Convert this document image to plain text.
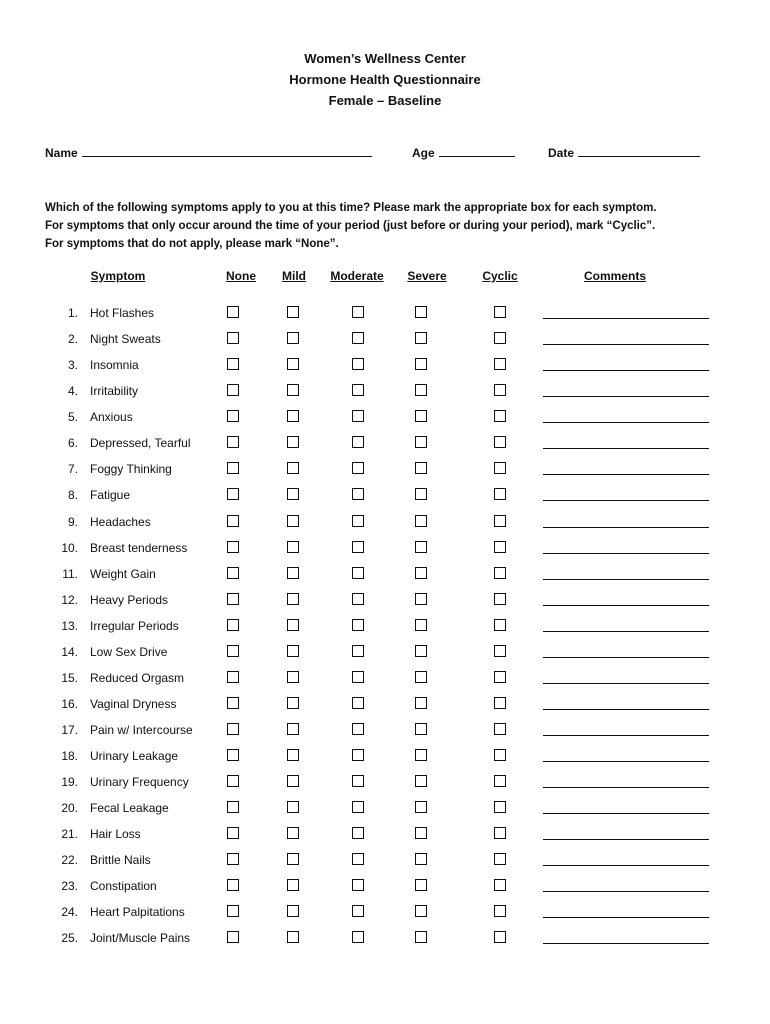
Women’s Wellness Center
Hormone Health Questionnaire
Female – Baseline
Name	Age	Date
Which of the following symptoms apply to you at this time? Please mark the appropriate box for each symptom.
For symptoms that only occur around the time of your period (just before or during your period), mark “Cyclic”.
For symptoms that do not apply, please mark “None”.
Symptom	None Mild Moderate Severe	Cyclic	Comments
1. Hot Flashes
2. Night Sweats
3. Insomnia
4. Irritability
5. Anxious
6. Depressed, Tearful
7. Foggy Thinking
8. Fatigue
9. Headaches
10. Breast tenderness
11. Weight Gain
12. Heavy Periods
13. Irregular Periods
14. Low Sex Drive
15. Reduced Orgasm
16. Vaginal Dryness
17. Pain w/ Intercourse
18. Urinary Leakage
19. Urinary Frequency
20. Fecal Leakage
21. Hair Loss
22. Brittle Nails
23. Constipation
24. Heart Palpitations
25. Joint/Muscle Pains
